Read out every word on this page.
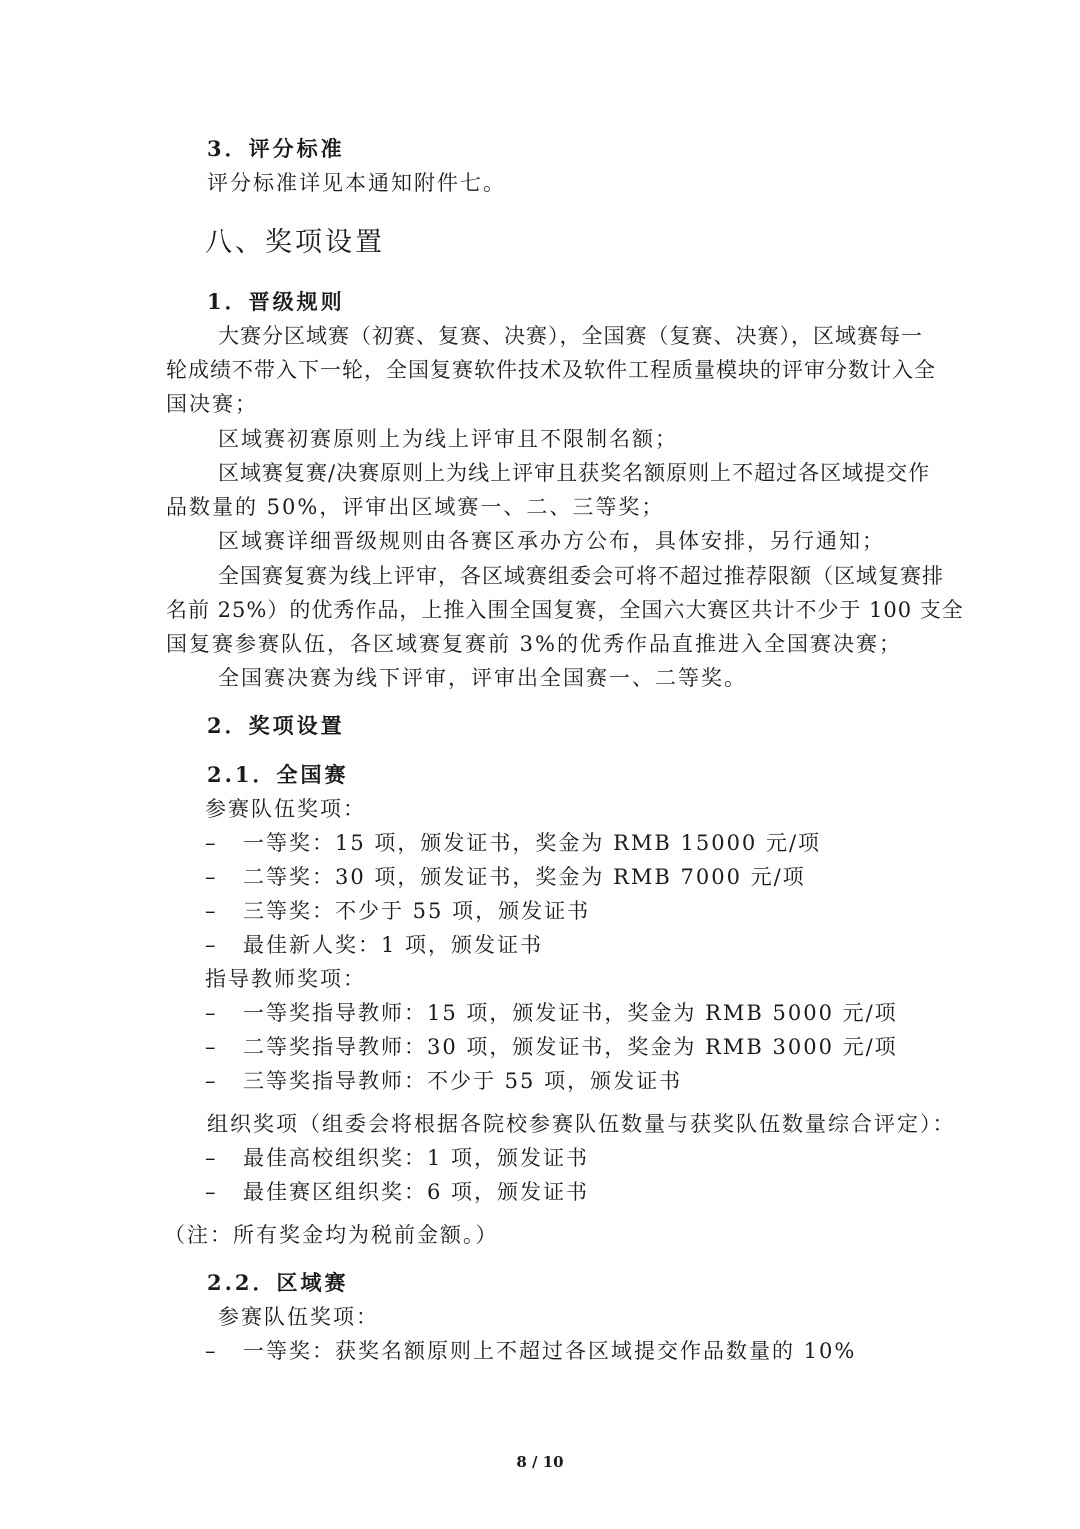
3．评分标准
评分标准详见本通知附件七。
八、奖项设置
1．晋级规则
大赛分区域赛（初赛、复赛、决赛），全国赛（复赛、决赛），区域赛每一
轮成绩不带入下一轮，全国复赛软件技术及软件工程质量模块的评审分数计入全
国决赛；
区域赛初赛原则上为线上评审且不限制名额；
区域赛复赛/决赛原则上为线上评审且获奖名额原则上不超过各区域提交作
品数量的 50%，评审出区域赛一、二、三等奖；
区域赛详细晋级规则由各赛区承办方公布，具体安排，另行通知；
全国赛复赛为线上评审，各区域赛组委会可将不超过推荐限额（区域复赛排
名前 25%）的优秀作品，上推入围全国复赛，全国六大赛区共计不少于 100 支全
国复赛参赛队伍，各区域赛复赛前 3%的优秀作品直推进入全国赛决赛；
全国赛决赛为线下评审，评审出全国赛一、二等奖。
2．奖项设置
2.1．全国赛
参赛队伍奖项：
– 一等奖：15 项，颁发证书，奖金为 RMB 15000 元/项
– 二等奖：30 项，颁发证书，奖金为 RMB 7000 元/项
– 三等奖：不少于 55 项，颁发证书
– 最佳新人奖：1 项，颁发证书
指导教师奖项：
– 一等奖指导教师：15 项，颁发证书，奖金为 RMB 5000 元/项
– 二等奖指导教师：30 项，颁发证书，奖金为 RMB 3000 元/项
– 三等奖指导教师：不少于 55 项，颁发证书
组织奖项（组委会将根据各院校参赛队伍数量与获奖队伍数量综合评定）：
– 最佳高校组织奖：1 项，颁发证书
– 最佳赛区组织奖：6 项，颁发证书
（注：所有奖金均为税前金额。）
2.2．区域赛
参赛队伍奖项：
– 一等奖：获奖名额原则上不超过各区域提交作品数量的 10%
8 / 10
